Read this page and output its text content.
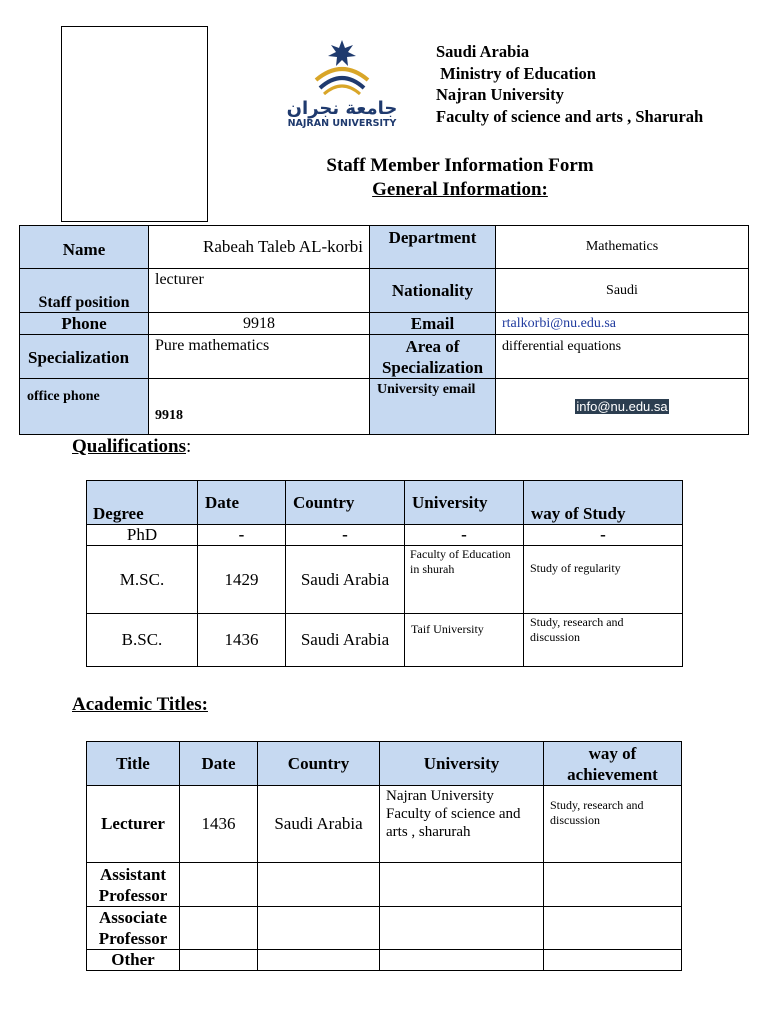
جامعة نجران
NAJRAN UNIVERSITY
Saudi Arabia
Ministry of Education
Najran University
Faculty of science and arts , Sharurah
Staff Member Information Form
General Information:
Name	Rabeah Taleb AL-korbi	Department	Mathematics
Staff position	lecturer	Nationality	Saudi
Phone	9918	Email	rtalkorbi@nu.edu.sa
Specialization	Pure mathematics	Area of Specialization	differential equations
office phone	9918	University email	info@nu.edu.sa
Qualifications:
Degree	Date	Country	University	way of Study
PhD	-	-	-	-
M.SC.	1429	Saudi Arabia	Faculty of Education in shurah	Study of regularity
B.SC.	1436	Saudi Arabia	Taif University	Study, research and discussion
Academic Titles:
Title	Date	Country	University	way of achievement
Lecturer	1436	Saudi Arabia	Najran University Faculty of science and arts , sharurah	Study, research and discussion
Assistant Professor				
Associate Professor				
Other				
